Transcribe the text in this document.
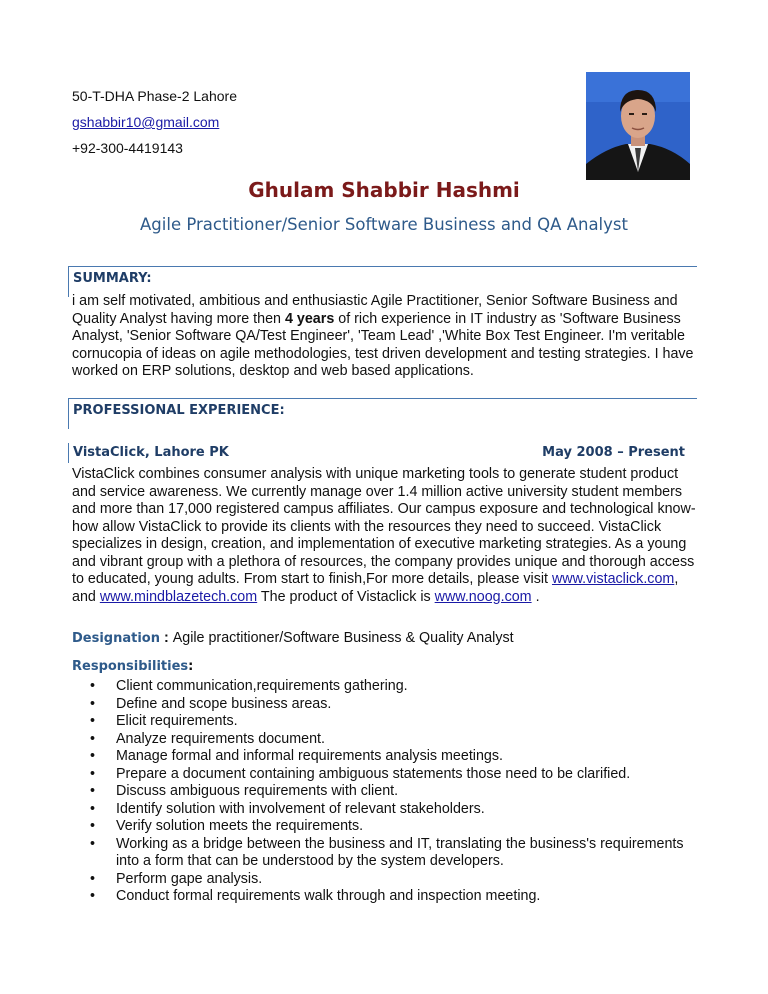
50-T-DHA Phase-2 Lahore
gshabbir10@gmail.com
+92-300-4419143
Ghulam Shabbir Hashmi
Agile Practitioner/Senior Software Business and QA Analyst
SUMMARY:
i am self motivated, ambitious and enthusiastic Agile Practitioner, Senior Software Business and Quality Analyst having more then 4 years of rich experience in IT industry as 'Software Business Analyst, 'Senior Software QA/Test Engineer', 'Team Lead' ,'White Box Test Engineer. I'm veritable cornucopia of ideas on agile methodologies, test driven development and testing strategies. I have worked on ERP solutions, desktop and web based applications.
PROFESSIONAL EXPERIENCE:
VistaClick, Lahore PK	May 2008 – Present
VistaClick combines consumer analysis with unique marketing tools to generate student product and service awareness. We currently manage over 1.4 million active university student members and more than 17,000 registered campus affiliates. Our campus exposure and technological know-how allow VistaClick to provide its clients with the resources they need to succeed. VistaClick specializes in design, creation, and implementation of executive marketing strategies. As a young and vibrant group with a plethora of resources, the company provides unique and thorough access to educated, young adults. From start to finish,For more details, please visit www.vistaclick.com, and www.mindblazetech.com The product of Vistaclick is www.noog.com .
Designation : Agile practitioner/Software Business & Quality Analyst
Responsibilities:
• Client communication,requirements gathering.
• Define and scope business areas.
• Elicit requirements.
• Analyze requirements document.
• Manage formal and informal requirements analysis meetings.
• Prepare a document containing ambiguous statements those need to be clarified.
• Discuss ambiguous requirements with client.
• Identify solution with involvement of relevant stakeholders.
• Verify solution meets the requirements.
• Working as a bridge between the business and IT, translating the business's requirements into a form that can be understood by the system developers.
• Perform gape analysis.
• Conduct formal requirements walk through and inspection meeting.
